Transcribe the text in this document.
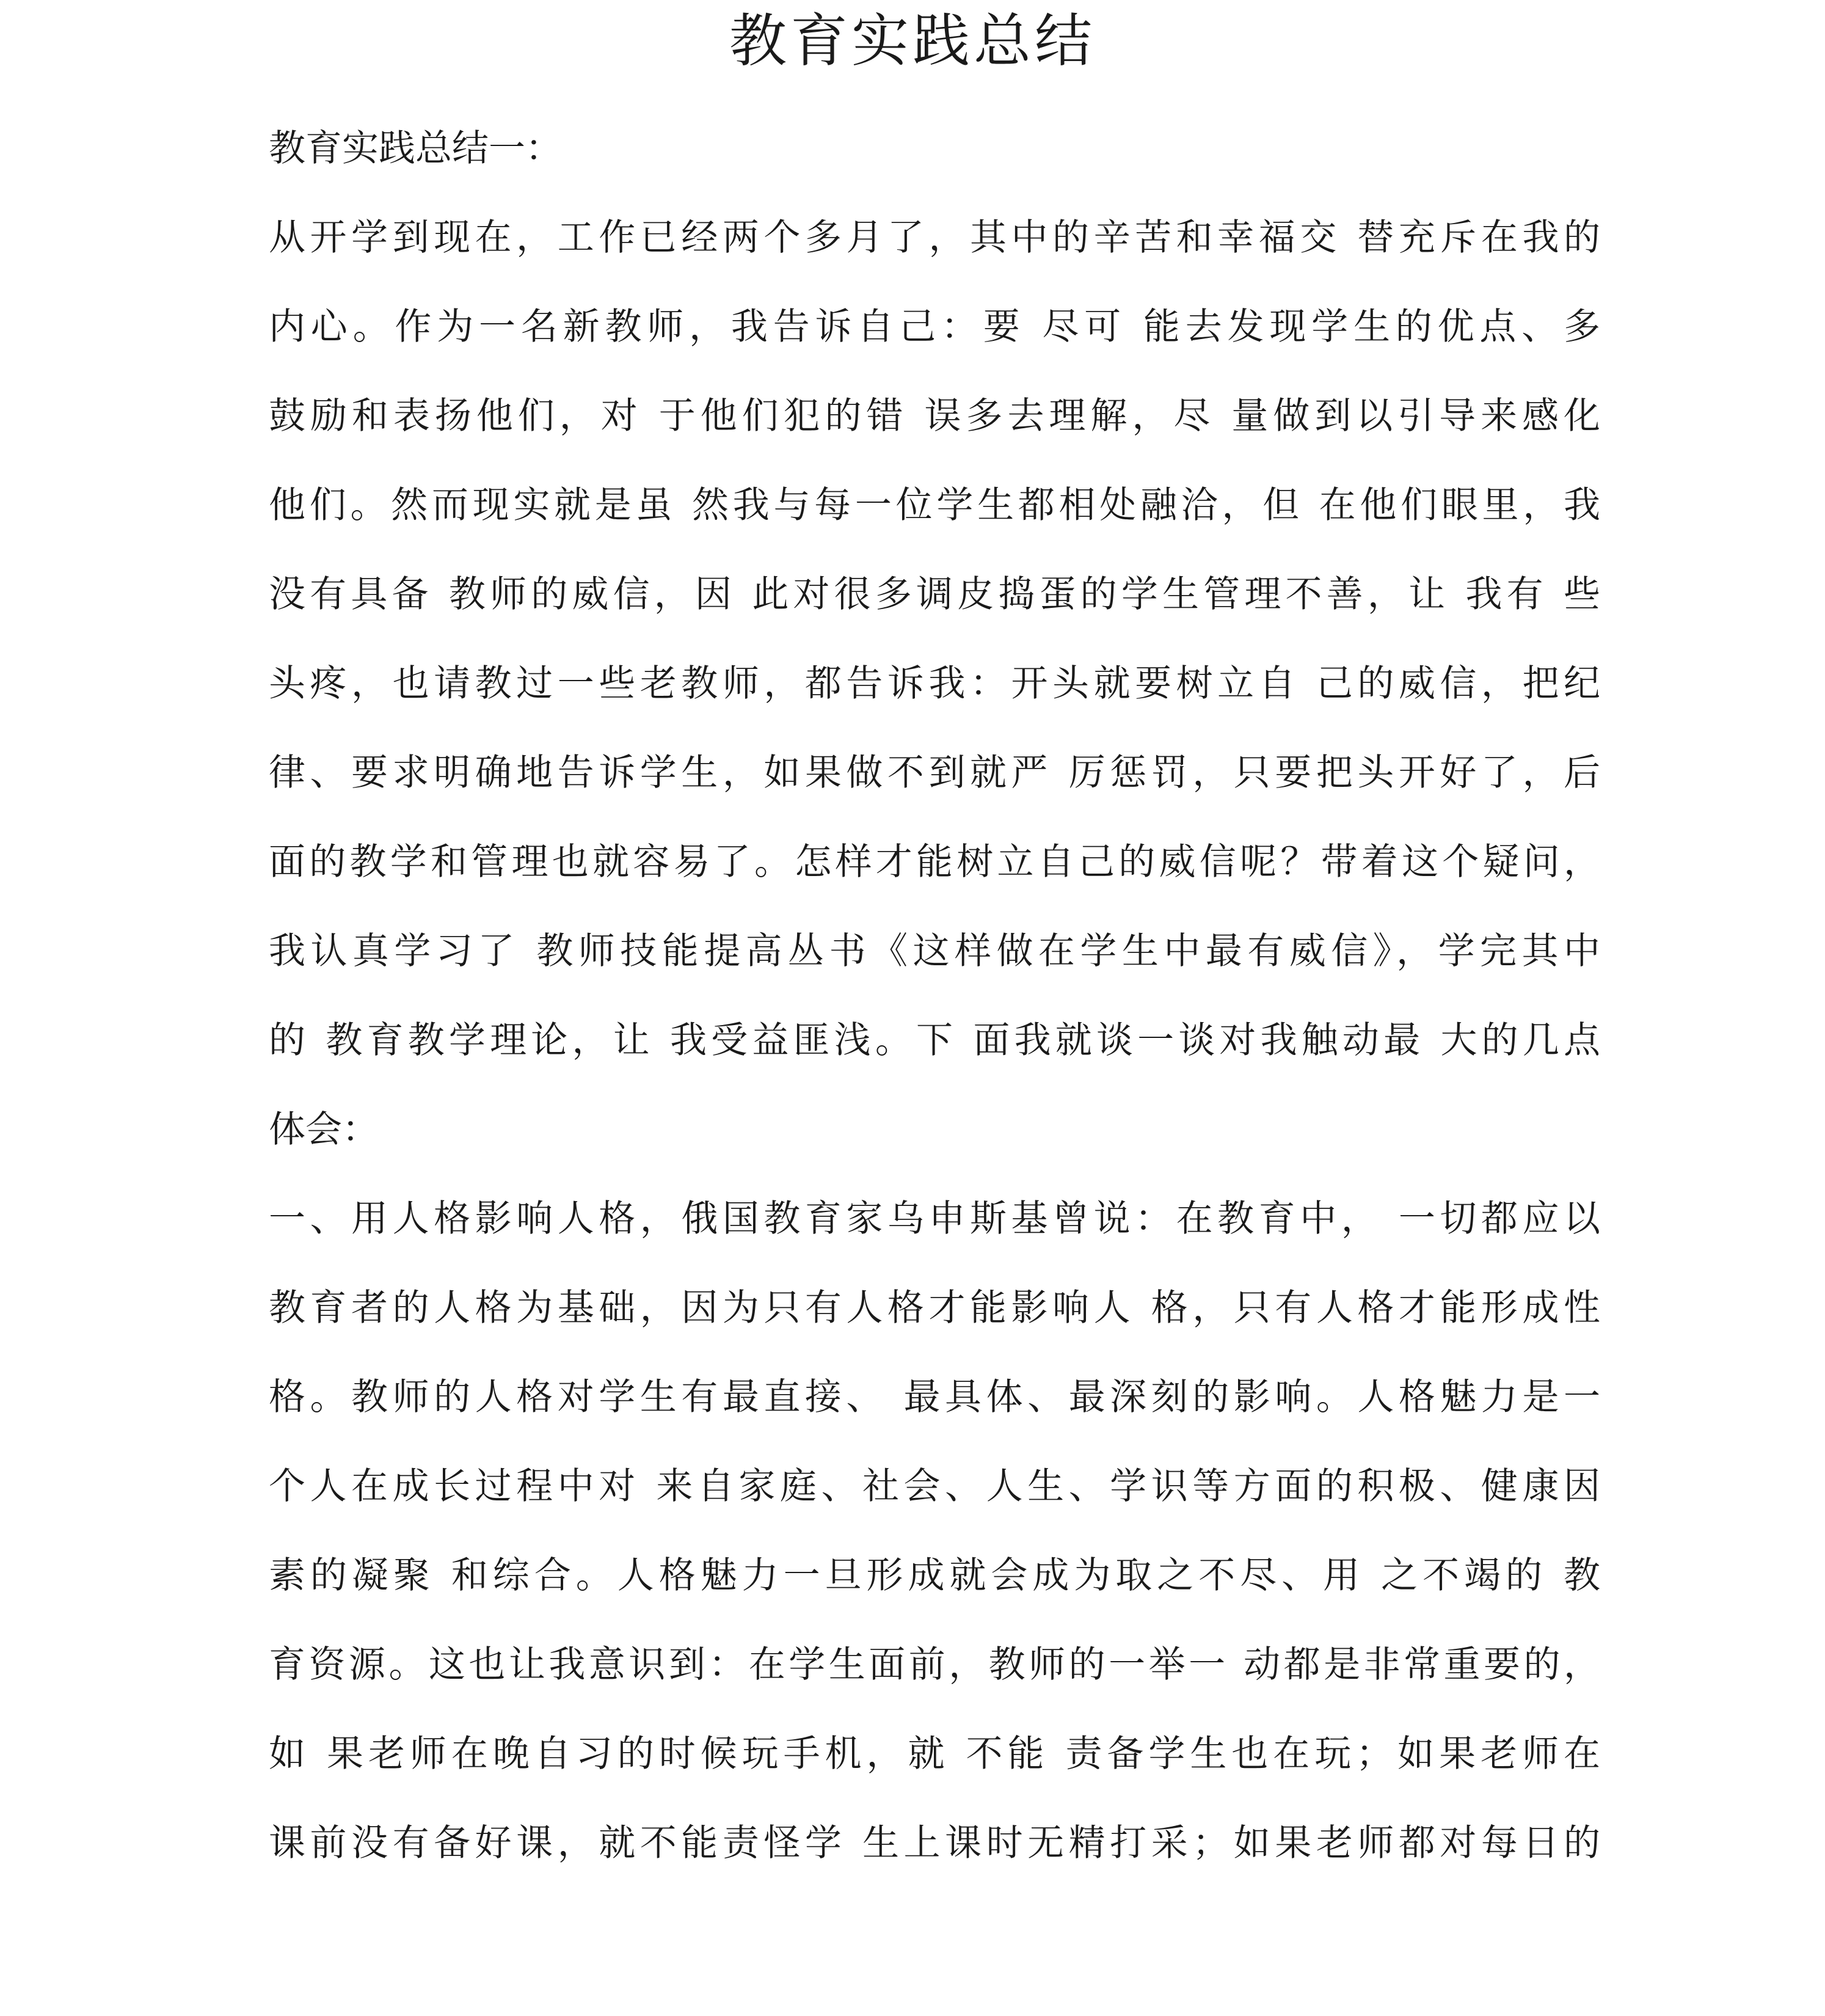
教育实践总结

教育实践总结一：

从开学到现在，工作已经两个多月了，其中的辛苦和幸福交 替充斥在我的
内心。作为一名新教师，我告诉自己：要 尽可 能去发现学生的优点、多
鼓励和表扬他们，对 于他们犯的错 误多去理解，尽 量做到以引导来感化
他们。然而现实就是虽 然我与每一位学生都相处融洽，但 在他们眼里，我
没有具备 教师的威信，因 此对很多调皮捣蛋的学生管理不善，让 我有 些
头疼，也请教过一些老教师，都告诉我：开头就要树立自 己的威信，把纪
律、要求明确地告诉学生，如果做不到就严 厉惩罚，只要把头开好了，后
面的教学和管理也就容易了。怎样才能树立自己的威信呢？带着这个疑问，
我认真学习了 教师技能提高丛书《这样做在学生中最有威信》，学完其中
的 教育教学理论，让 我受益匪浅。下 面我就谈一谈对我触动最 大的几点
体会：
一、用人格影响人格，俄国教育家乌申斯基曾说：在教育中， 一切都应以
教育者的人格为基础，因为只有人格才能影响人 格，只有人格才能形成性
格。教师的人格对学生有最直接、 最具体、最深刻的影响。人格魅力是一
个人在成长过程中对 来自家庭、社会、人生、学识等方面的积极、健康因
素的凝聚 和综合。人格魅力一旦形成就会成为取之不尽、用 之不竭的 教
育资源。这也让我意识到：在学生面前，教师的一举一 动都是非常重要的，
如 果老师在晚自习的时候玩手机，就 不能 责备学生也在玩；如果老师在
课前没有备好课，就不能责怪学 生上课时无精打采；如果老师都对每日的
